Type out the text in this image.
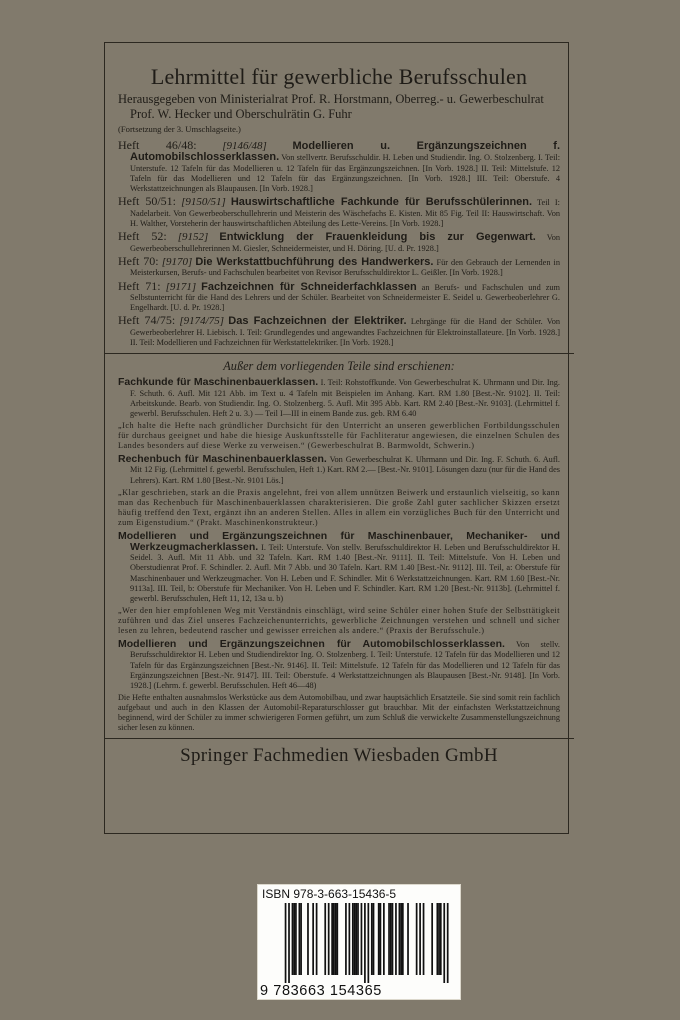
Lehrmittel für gewerbliche Berufsschulen
Herausgegeben von Ministerialrat Prof. R. Horstmann, Oberreg.- u. Gewerbeschulrat Prof. W. Hecker und Oberschulrätin G. Fuhr
(Fortsetzung der 3. Umschlagseite.)

Heft 46/48: [9146/48] Modellieren u. Ergänzungszeichnen f. Automobilschlosserklassen. Von stellvertr. Berufsschuldir. H. Leben und Studiendir. Ing. O. Stolzenberg. I. Teil: Unterstufe. 12 Tafeln für das Modellieren u. 12 Tafeln für das Ergänzungszeichnen. [In Vorb. 1928.] II. Teil: Mittelstufe. 12 Tafeln für das Modellieren und 12 Tafeln für das Ergänzungszeichnen. [In Vorb. 1928.] III. Teil: Oberstufe. 4 Werkstattzeichnungen als Blaupausen. [In Vorb. 1928.]

Heft 50/51: [9150/51] Hauswirtschaftliche Fachkunde für Berufsschülerinnen. Teil I: Nadelarbeit. Von Gewerbeoberschullehrerin und Meisterin des Wäschefachs E. Kisten. Mit 85 Fig. Teil II: Hauswirtschaft. Von H. Walther, Vorsteherin der hauswirtschaftlichen Abteilung des Lette-Vereins. [In Vorb. 1928.]

Heft 52: [9152] Entwicklung der Frauenkleidung bis zur Gegenwart. Von Gewerbeoberschullehrerinnen M. Giesler, Schneidermeister, und H. Döring. [U. d. Pr. 1928.]

Heft 70: [9170] Die Werkstattbuchführung des Handwerkers. Für den Gebrauch der Lernenden in Meisterkursen, Berufs- und Fachschulen bearbeitet von Revisor Berufsschuldirektor L. Geißler. [In Vorb. 1928.]

Heft 71: [9171] Fachzeichnen für Schneiderfachklassen an Berufs- und Fachschulen und zum Selbstunterricht für die Hand des Lehrers und der Schüler. Bearbeitet von Schneidermeister E. Seidel u. Gewerbeoberlehrer G. Engelhardt. [U. d. Pr. 1928.]

Heft 74/75: [9174/75] Das Fachzeichnen der Elektriker. Lehrgänge für die Hand der Schüler. Von Gewerbeoberlehrer H. Liebisch. I. Teil: Grundlegendes und angewandtes Fachzeichnen für Elektroinstallateure. [In Vorb. 1928.] II. Teil: Modellieren und Fachzeichnen für Werkstattelektriker. [In Vorb. 1928.]

Außer dem vorliegenden Teile sind erschienen:

Fachkunde für Maschinenbauerklassen. I. Teil: Rohstoffkunde. Von Gewerbeschulrat K. Uhrmann und Dir. Ing. F. Schuth. 6. Aufl. Mit 121 Abb. im Text u. 4 Tafeln mit Beispielen im Anhang. Kart. RM 1.80 [Best.-Nr. 9102]. II. Teil: Arbeitskunde. Bearb. von Studiendir. Ing. O. Stolzenberg. 5. Aufl. Mit 395 Abb. Kart. RM 2.40 [Best.-Nr. 9103]. (Lehrmittel f. gewerbl. Berufsschulen. Heft 2 u. 3.) — Teil I—III in einem Bande zus. geb. RM 6.40

„Ich halte die Hefte nach gründlicher Durchsicht für den Unterricht an unseren gewerblichen Fortbildungsschulen für durchaus geeignet und habe die hiesige Auskunftsstelle für Fachliteratur angewiesen, die einzelnen Schulen des Landes besonders auf diese Werke zu verweisen.“ (Gewerbeschulrat B. Barmwoldt, Schwerin.)

Rechenbuch für Maschinenbauerklassen. Von Gewerbeschulrat K. Uhrmann und Dir. Ing. F. Schuth. 6. Aufl. Mit 12 Fig. (Lehrmittel f. gewerbl. Berufsschulen, Heft 1.) Kart. RM 2.— [Best.-Nr. 9101]. Lösungen dazu (nur für die Hand des Lehrers). Kart. RM 1.80 [Best.-Nr. 9101 Lös.]

„Klar geschrieben, stark an die Praxis angelehnt, frei von allem unnützen Beiwerk und erstaunlich vielseitig, so kann man das Rechenbuch für Maschinenbauerklassen charakterisieren. Die große Zahl guter sachlicher Skizzen ersetzt häufig treffend den Text, ergänzt ihn an anderen Stellen. Alles in allem ein vorzügliches Buch für den Unterricht und zum Eigenstudium.“ (Prakt. Maschinenkonstrukteur.)

Modellieren und Ergänzungszeichnen für Maschinenbauer, Mechaniker- und Werkzeugmacherklassen. I. Teil: Unterstufe. Von stellv. Berufsschuldirektor H. Leben und Berufsschuldirektor H. Seidel. 3. Aufl. Mit 11 Abb. und 32 Tafeln. Kart. RM 1.40 [Best.-Nr. 9111]. II. Teil: Mittelstufe. Von H. Leben und Oberstudienrat Prof. F. Schindler. 2. Aufl. Mit 7 Abb. und 30 Tafeln. Kart. RM 1.40 [Best.-Nr. 9112]. III. Teil, a: Oberstufe für Maschinenbauer und Werkzeugmacher. Von H. Leben und F. Schindler. Mit 6 Werkstattzeichnungen. Kart. RM 1.60 [Best.-Nr. 9113a]. III. Teil, b: Oberstufe für Mechaniker. Von H. Leben und F. Schindler. Kart. RM 1.20 [Best.-Nr. 9113b]. (Lehrmittel f. gewerbl. Berufsschulen, Heft 11, 12, 13a u. b)

„Wer den hier empfohlenen Weg mit Verständnis einschlägt, wird seine Schüler einer hohen Stufe der Selbsttätigkeit zuführen und das Ziel unseres Fachzeichenunterrichts, gewerbliche Zeichnungen verstehen und schnell und sicher lesen zu lehren, bedeutend rascher und gewisser erreichen als andere.“ (Praxis der Berufsschule.)

Modellieren und Ergänzungszeichnen für Automobilschlosserklassen. Von stellv. Berufsschuldirektor H. Leben und Studiendirektor Ing. O. Stolzenberg. I. Teil: Unterstufe. 12 Tafeln für das Modellieren und 12 Tafeln für das Ergänzungszeichnen [Best.-Nr. 9146]. II. Teil: Mittelstufe. 12 Tafeln für das Modellieren und 12 Tafeln für das Ergänzungszeichnen [Best.-Nr. 9147]. III. Teil: Oberstufe. 4 Werkstattzeichnungen als Blaupausen [Best.-Nr. 9148]. [In Vorb. 1928.] (Lehrm. f. gewerbl. Berufsschulen. Heft 46—48)

Die Hefte enthalten ausnahmslos Werkstücke aus dem Automobilbau, und zwar hauptsächlich Ersatzteile. Sie sind somit rein fachlich aufgebaut und auch in den Klassen der Automobil-Reparaturschlosser gut brauchbar. Mit der einfachsten Werkstattzeichnung beginnend, wird der Schüler zu immer schwierigeren Formen geführt, um zum Schluß die verwickelte Zusammenstellungszeichnung sicher lesen zu können.

Springer Fachmedien Wiesbaden GmbH
ISBN 978-3-663-15436-5
9 783663 154365
